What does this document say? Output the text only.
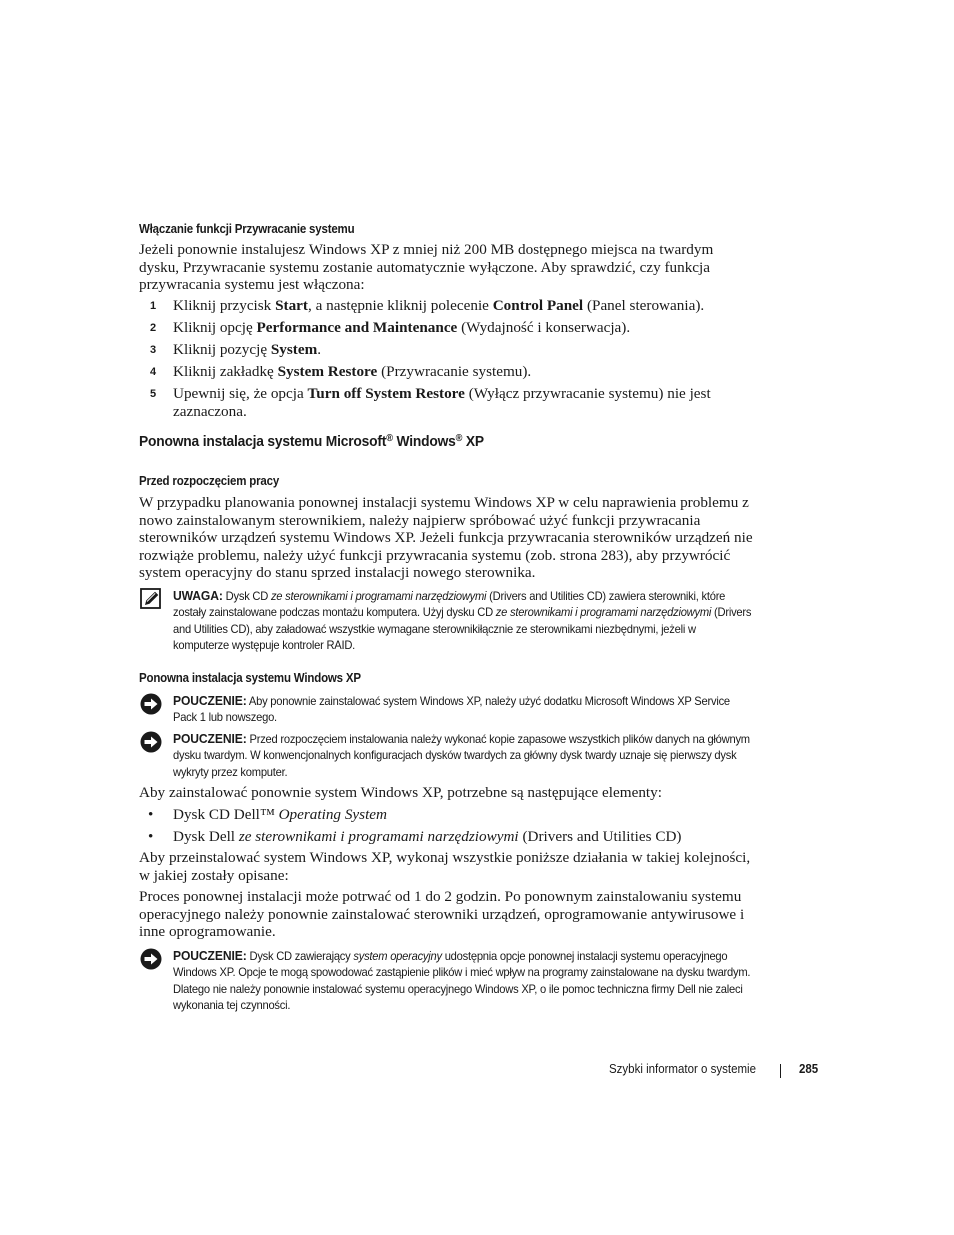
Włączanie funkcji Przywracanie systemu

Jeżeli ponownie instalujesz Windows XP z mniej niż 200 MB dostępnego miejsca na twardym dysku, Przywracanie systemu zostanie automatycznie wyłączone. Aby sprawdzić, czy funkcja przywracania systemu jest włączona:

1 Kliknij przycisk Start, a następnie kliknij polecenie Control Panel (Panel sterowania).
2 Kliknij opcję Performance and Maintenance (Wydajność i konserwacja).
3 Kliknij pozycję System.
4 Kliknij zakładkę System Restore (Przywracanie systemu).
5 Upewnij się, że opcja Turn off System Restore (Wyłącz przywracanie systemu) nie jest zaznaczona.
Ponowna instalacja systemu Microsoft® Windows® XP
Przed rozpoczęciem pracy

W przypadku planowania ponownej instalacji systemu Windows XP w celu naprawienia problemu z nowo zainstalowanym sterownikiem, należy najpierw spróbować użyć funkcji przywracania sterowników urządzeń systemu Windows XP. Jeżeli funkcja przywracania sterowników urządzeń nie rozwiąże problemu, należy użyć funkcji przywracania systemu (zob. strona 283), aby przywrócić system operacyjny do stanu sprzed instalacji nowego sterownika.

UWAGA: Dysk CD ze sterownikami i programami narzędziowymi (Drivers and Utilities CD) zawiera sterowniki, które zostały zainstalowane podczas montażu komputera. Użyj dysku CD ze sterownikami i programami narzędziowymi (Drivers and Utilities CD), aby załadować wszystkie wymagane sterownikiłącznie ze sterownikami niezbędnymi, jeżeli w komputerze występuje kontroler RAID.
Ponowna instalacja systemu Windows XP
POUCZENIE: Aby ponownie zainstalować system Windows XP, należy użyć dodatku Microsoft Windows XP Service Pack 1 lub nowszego.
POUCZENIE: Przed rozpoczęciem instalowania należy wykonać kopie zapasowe wszystkich plików danych na głównym dysku twardym. W konwencjonalnych konfiguracjach dysków twardych za główny dysk twardy uznaje się pierwszy dysk wykryty przez komputer.

Aby zainstalować ponownie system Windows XP, potrzebne są następujące elementy:

• Dysk CD Dell™ Operating System
• Dysk Dell ze sterownikami i programami narzędziowymi (Drivers and Utilities CD)

Aby przeinstalować system Windows XP, wykonaj wszystkie poniższe działania w takiej kolejności, w jakiej zostały opisane:

Proces ponownej instalacji może potrwać od 1 do 2 godzin. Po ponownym zainstalowaniu systemu operacyjnego należy ponownie zainstalować sterowniki urządzeń, oprogramowanie antywirusowe i inne oprogramowanie.

POUCZENIE: Dysk CD zawierający system operacyjny udostępnia opcje ponownej instalacji systemu operacyjnego Windows XP. Opcje te mogą spowodować zastąpienie plików i mieć wpływ na programy zainstalowane na dysku twardym. Dlatego nie należy ponownie instalować systemu operacyjnego Windows XP, o ile pomoc techniczna firmy Dell nie zaleci wykonania tej czynności.
Szybki informator o systemie	285
